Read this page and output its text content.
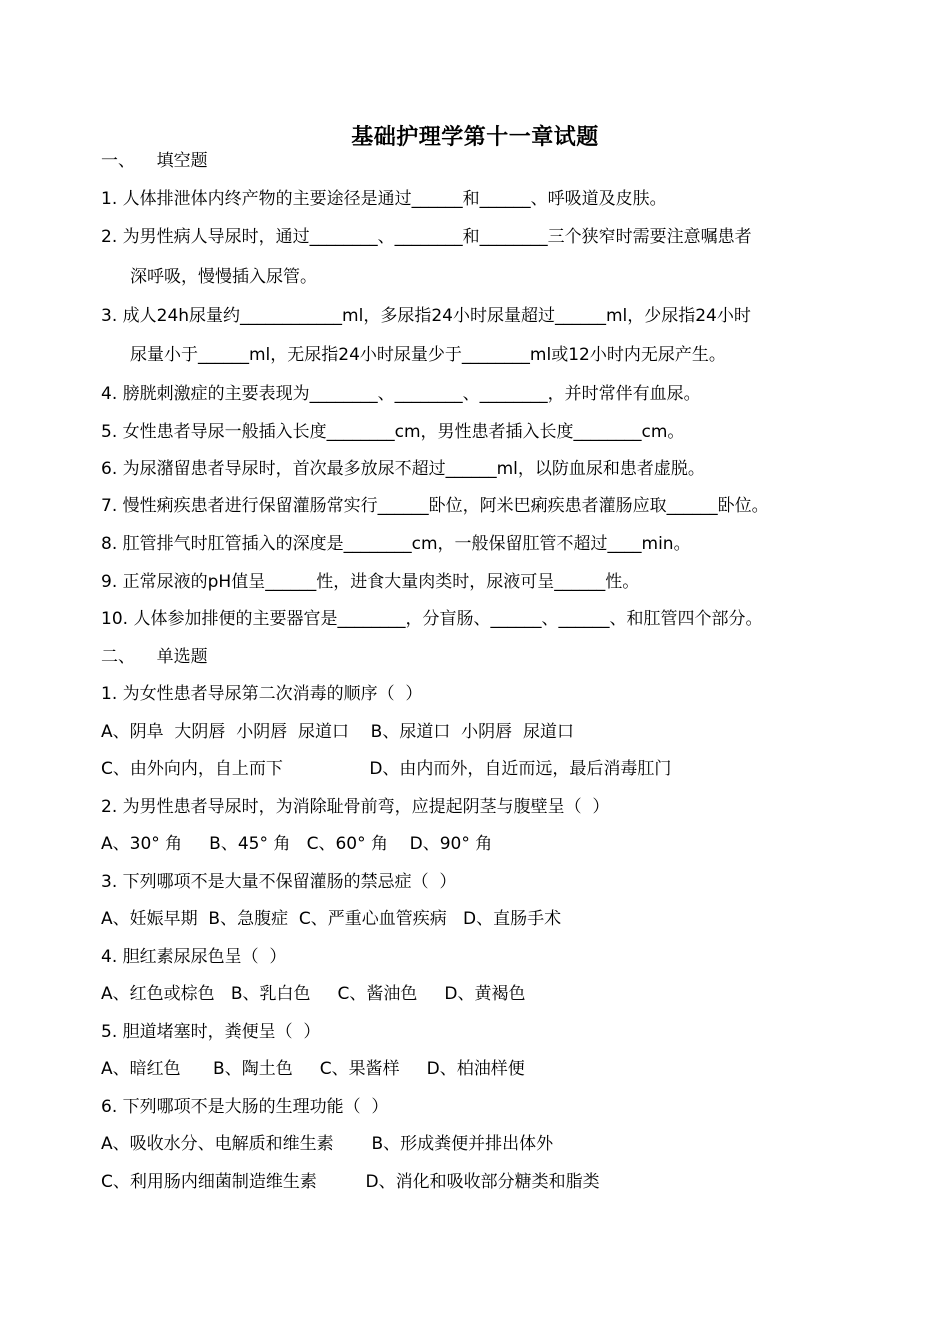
基础护理学第十一章试题
一、    填空题
1. 人体排泄体内终产物的主要途径是通过______和______、呼吸道及皮肤。
2. 为男性病人导尿时，通过________、________和________三个狭窄时需要注意嘱患者
深呼吸，慢慢插入尿管。
3. 成人24h尿量约____________ml，多尿指24小时尿量超过______ml，少尿指24小时
尿量小于______ml，无尿指24小时尿量少于________ml或12小时内无尿产生。
4. 膀胱刺激症的主要表现为________、________、________，并时常伴有血尿。
5. 女性患者导尿一般插入长度________cm，男性患者插入长度________cm。
6. 为尿潴留患者导尿时，首次最多放尿不超过______ml，以防血尿和患者虚脱。
7. 慢性痢疾患者进行保留灌肠常实行______卧位，阿米巴痢疾患者灌肠应取______卧位。
8. 肛管排气时肛管插入的深度是________cm，一般保留肛管不超过____min。
9. 正常尿液的pH值呈______性，进食大量肉类时，尿液可呈______性。
10. 人体参加排便的主要器官是________，分盲肠、______、______、和肛管四个部分。
二、    单选题
1. 为女性患者导尿第二次消毒的顺序（  ）
A、阴阜  大阴唇  小阴唇  尿道口    B、尿道口  小阴唇  尿道口
C、由外向内，自上而下                D、由内而外，自近而远，最后消毒肛门
2. 为男性患者导尿时，为消除耻骨前弯，应提起阴茎与腹壁呈（  ）
A、30° 角     B、45° 角   C、60° 角    D、90° 角
3. 下列哪项不是大量不保留灌肠的禁忌症（  ）
A、妊娠早期  B、急腹症  C、严重心血管疾病   D、直肠手术
4. 胆红素尿尿色呈（  ）
A、红色或棕色   B、乳白色     C、酱油色     D、黄褐色
5. 胆道堵塞时，粪便呈（  ）
A、暗红色      B、陶土色     C、果酱样     D、柏油样便
6. 下列哪项不是大肠的生理功能（  ）
A、吸收水分、电解质和维生素       B、形成粪便并排出体外
C、利用肠内细菌制造维生素         D、消化和吸收部分糖类和脂类
